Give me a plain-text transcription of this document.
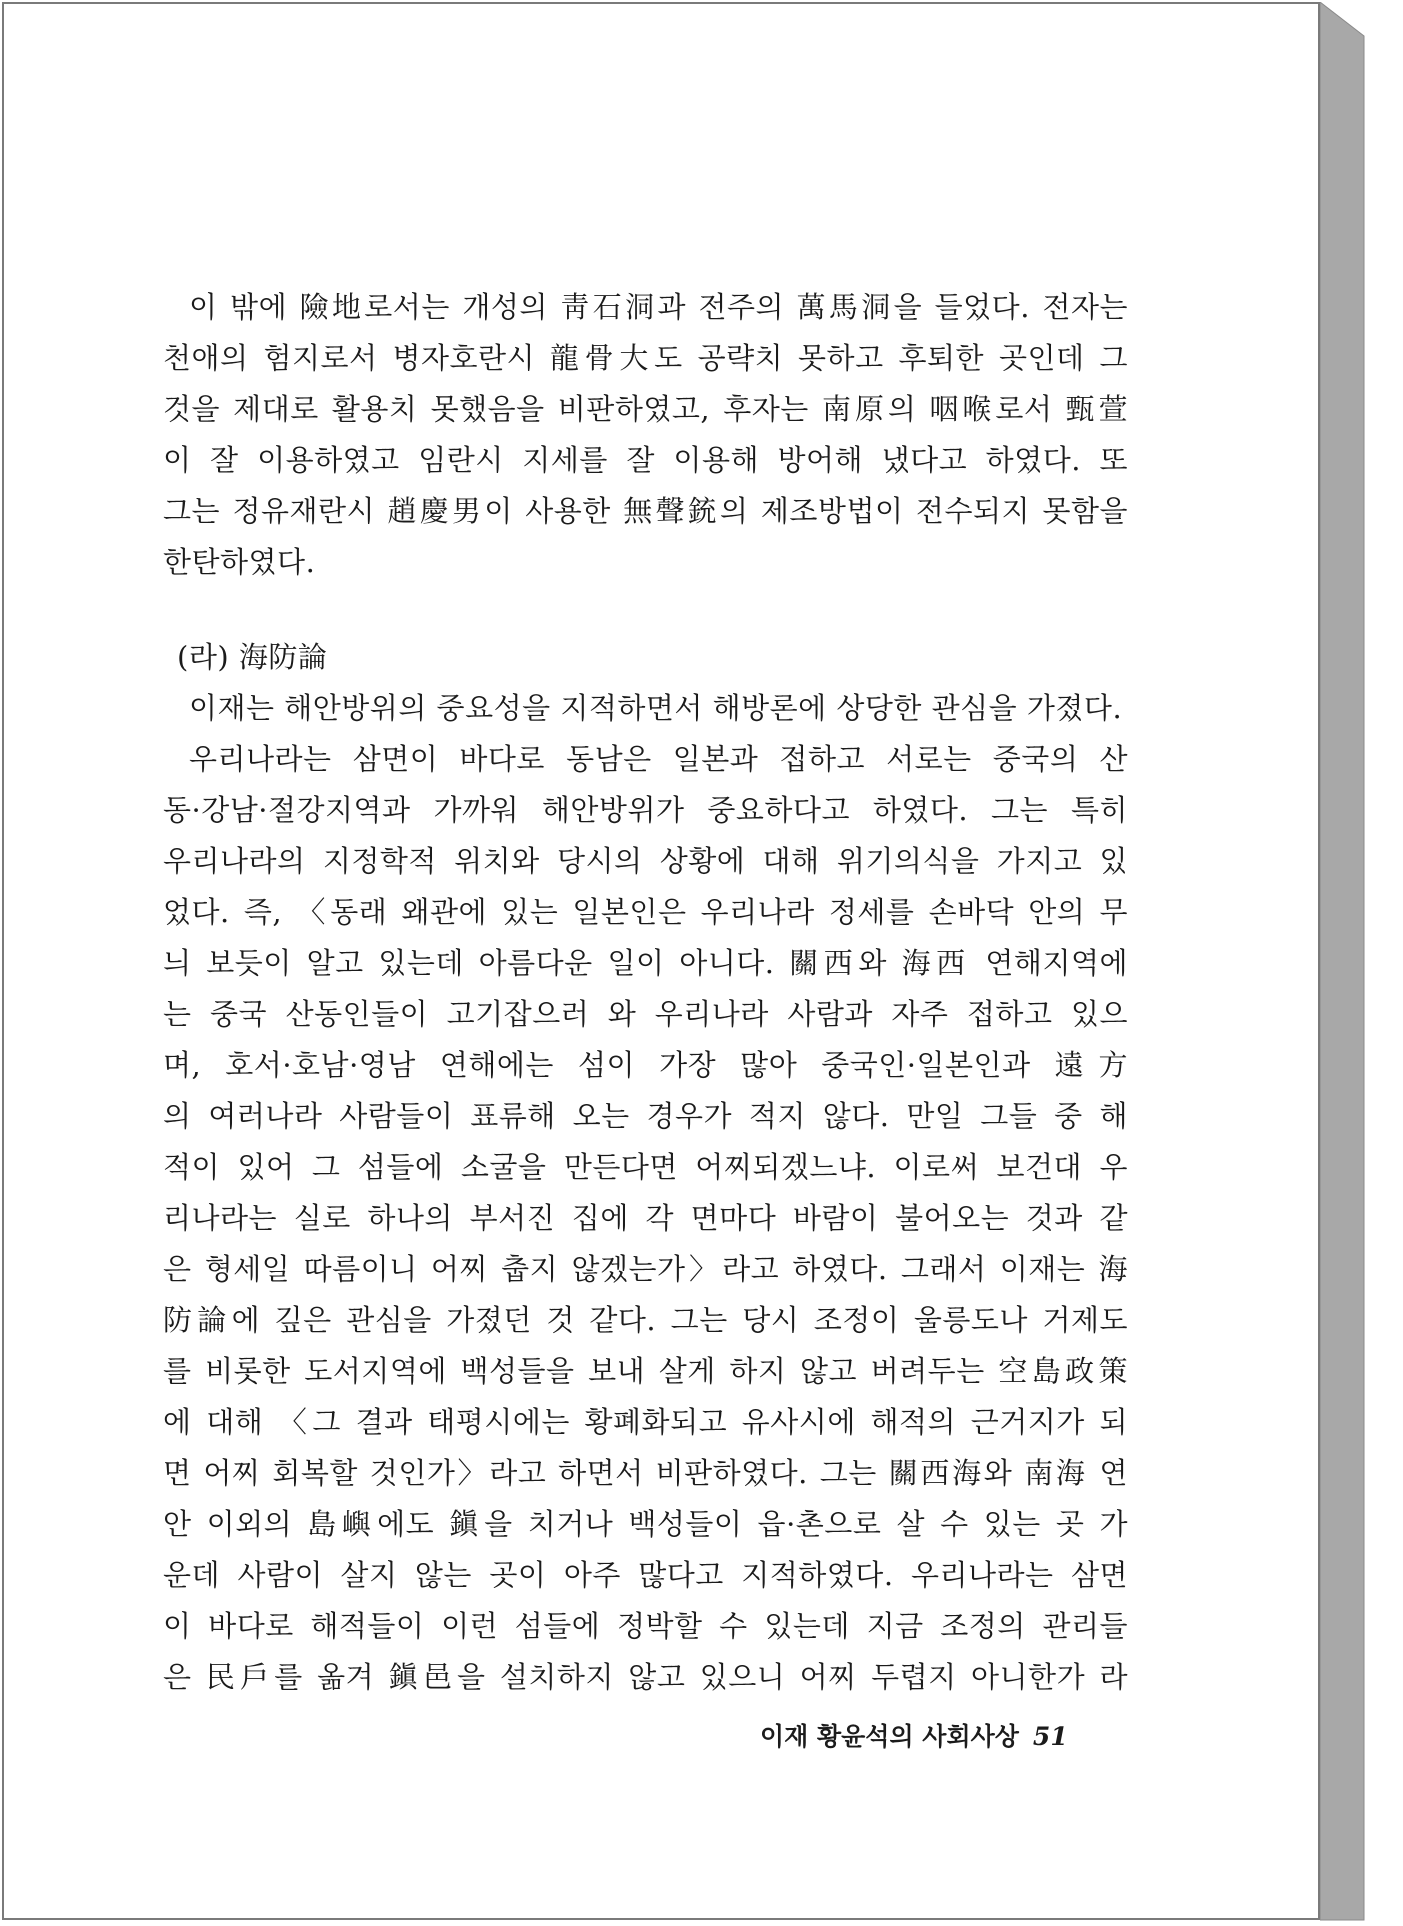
이 밖에 險地로서는 개성의 靑石洞과 전주의 萬馬洞을 들었다. 전자는
천애의 험지로서 병자호란시 龍骨大도 공략치 못하고 후퇴한 곳인데 그
것을 제대로 활용치 못했음을 비판하였고, 후자는 南原의 咽喉로서 甄萱
이 잘 이용하였고 임란시 지세를 잘 이용해 방어해 냈다고 하였다. 또
그는 정유재란시 趙慶男이 사용한 無聲銃의 제조방법이 전수되지 못함을
한탄하였다.
(라) 海防論
이재는 해안방위의 중요성을 지적하면서 해방론에 상당한 관심을 가졌다.
우리나라는 삼면이 바다로 동남은 일본과 접하고 서로는 중국의 산
동·강남·절강지역과 가까워 해안방위가 중요하다고 하였다. 그는 특히
우리나라의 지정학적 위치와 당시의 상황에 대해 위기의식을 가지고 있
었다. 즉, 〈동래 왜관에 있는 일본인은 우리나라 정세를 손바닥 안의 무
늬 보듯이 알고 있는데 아름다운 일이 아니다. 關西와 海西 연해지역에
는 중국 산동인들이 고기잡으러 와 우리나라 사람과 자주 접하고 있으
며, 호서·호남·영남 연해에는 섬이 가장 많아 중국인·일본인과 遠方
의 여러나라 사람들이 표류해 오는 경우가 적지 않다. 만일 그들 중 해
적이 있어 그 섬들에 소굴을 만든다면 어찌되겠느냐. 이로써 보건대 우
리나라는 실로 하나의 부서진 집에 각 면마다 바람이 불어오는 것과 같
은 형세일 따름이니 어찌 춥지 않겠는가〉라고 하였다. 그래서 이재는 海
防論에 깊은 관심을 가졌던 것 같다. 그는 당시 조정이 울릉도나 거제도
를 비롯한 도서지역에 백성들을 보내 살게 하지 않고 버려두는 空島政策
에 대해 〈그 결과 태평시에는 황폐화되고 유사시에 해적의 근거지가 되
면 어찌 회복할 것인가〉라고 하면서 비판하였다. 그는 關西海와 南海 연
안 이외의 島嶼에도 鎭을 치거나 백성들이 읍·촌으로 살 수 있는 곳 가
운데 사람이 살지 않는 곳이 아주 많다고 지적하였다. 우리나라는 삼면
이 바다로 해적들이 이런 섬들에 정박할 수 있는데 지금 조정의 관리들
은 民戶를 옮겨 鎭邑을 설치하지 않고 있으니 어찌 두렵지 아니한가 라
이재 황윤석의 사회사상 51
